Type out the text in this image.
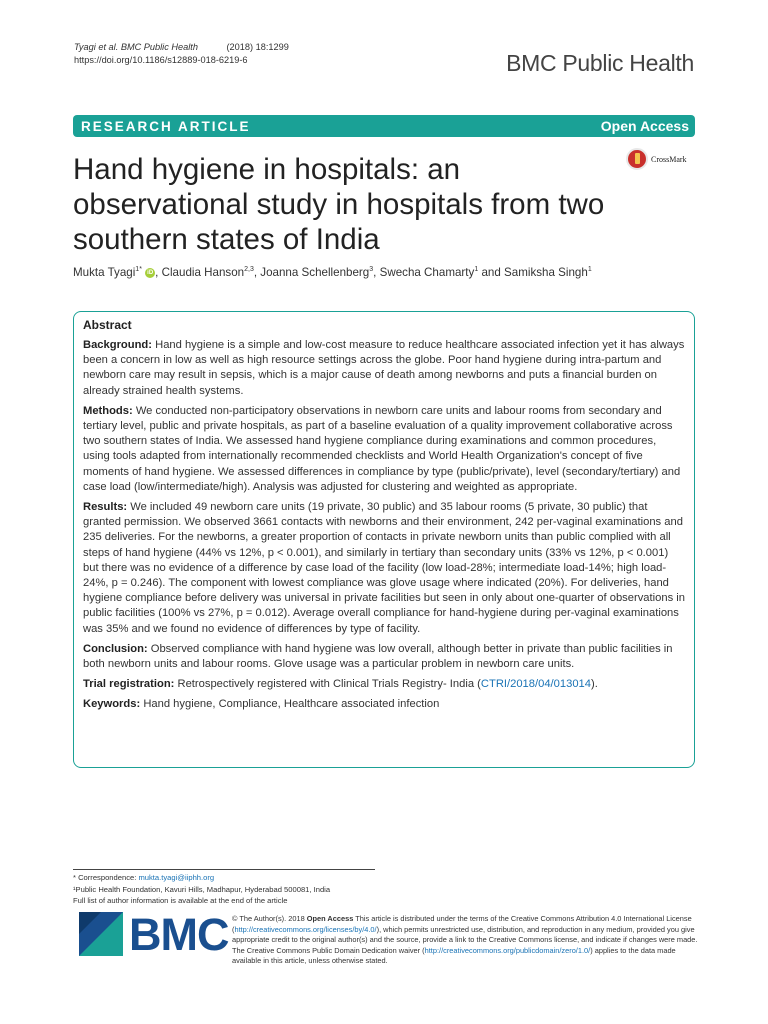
Tyagi et al. BMC Public Health	(2018) 18:1299
https://doi.org/10.1186/s12889-018-6219-6	BMC Public Health
RESEARCH ARTICLE	Open Access
Hand hygiene in hospitals: an observational study in hospitals from two southern states of India
CrossMark
Mukta Tyagi$^{1*}$ iD , Claudia Hanson$^{2,3}$, Joanna Schellenberg$^3$, Swecha Chamarty$^1$ and Samiksha Singh$^1$
Abstract

Background: Hand hygiene is a simple and low-cost measure to reduce healthcare associated infection yet it has always been a concern in low as well as high resource settings across the globe. Poor hand hygiene during intra-partum and newborn care may result in sepsis, which is a major cause of death among newborns and puts a financial burden on already strained health systems.

Methods: We conducted non-participatory observations in newborn care units and labour rooms from secondary and tertiary level, public and private hospitals, as part of a baseline evaluation of a quality improvement collaborative across two southern states of India. We assessed hand hygiene compliance during examinations and common procedures, using tools adapted from internationally recommended checklists and World Health Organization's concept of five moments of hand hygiene. We assessed differences in compliance by type (public/private), level (secondary/tertiary) and case load (low/intermediate/high). Analysis was adjusted for clustering and weighted as appropriate.

Results: We included 49 newborn care units (19 private, 30 public) and 35 labour rooms (5 private, 30 public) that granted permission. We observed 3661 contacts with newborns and their environment, 242 per-vaginal examinations and 235 deliveries. For the newborns, a greater proportion of contacts in private newborn units than public complied with all steps of hand hygiene (44% vs 12%, p < 0.001), and similarly in tertiary than secondary units (33% vs 12%, p < 0.001) but there was no evidence of a difference by case load of the facility (low load-28%; intermediate load-14%; high load- 24%, p = 0.246). The component with lowest compliance was glove usage where indicated (20%). For deliveries, hand hygiene compliance before delivery was universal in private facilities but seen in only about one-quarter of observations in public facilities (100% vs 27%, p = 0.012). Average overall compliance for hand-hygiene during per-vaginal examinations was 35% and we found no evidence of differences by type of facility.

Conclusion: Observed compliance with hand hygiene was low overall, although better in private than public facilities in both newborn units and labour rooms. Glove usage was a particular problem in newborn care units.

Trial registration: Retrospectively registered with Clinical Trials Registry- India (CTRI/2018/04/013014).

Keywords: Hand hygiene, Compliance, Healthcare associated infection

* Correspondence: mukta.tyagi@iiphh.org
¹Public Health Foundation, Kavuri Hills, Madhapur, Hyderabad 500081, India
Full list of author information is available at the end of the article
BMC © The Author(s). 2018 Open Access This article is distributed under the terms of the Creative Commons Attribution 4.0 International License (http://creativecommons.org/licenses/by/4.0/), which permits unrestricted use, distribution, and reproduction in any medium, provided you give appropriate credit to the original author(s) and the source, provide a link to the Creative Commons license, and indicate if changes were made. The Creative Commons Public Domain Dedication waiver (http://creativecommons.org/publicdomain/zero/1.0/) applies to the data made available in this article, unless otherwise stated.
